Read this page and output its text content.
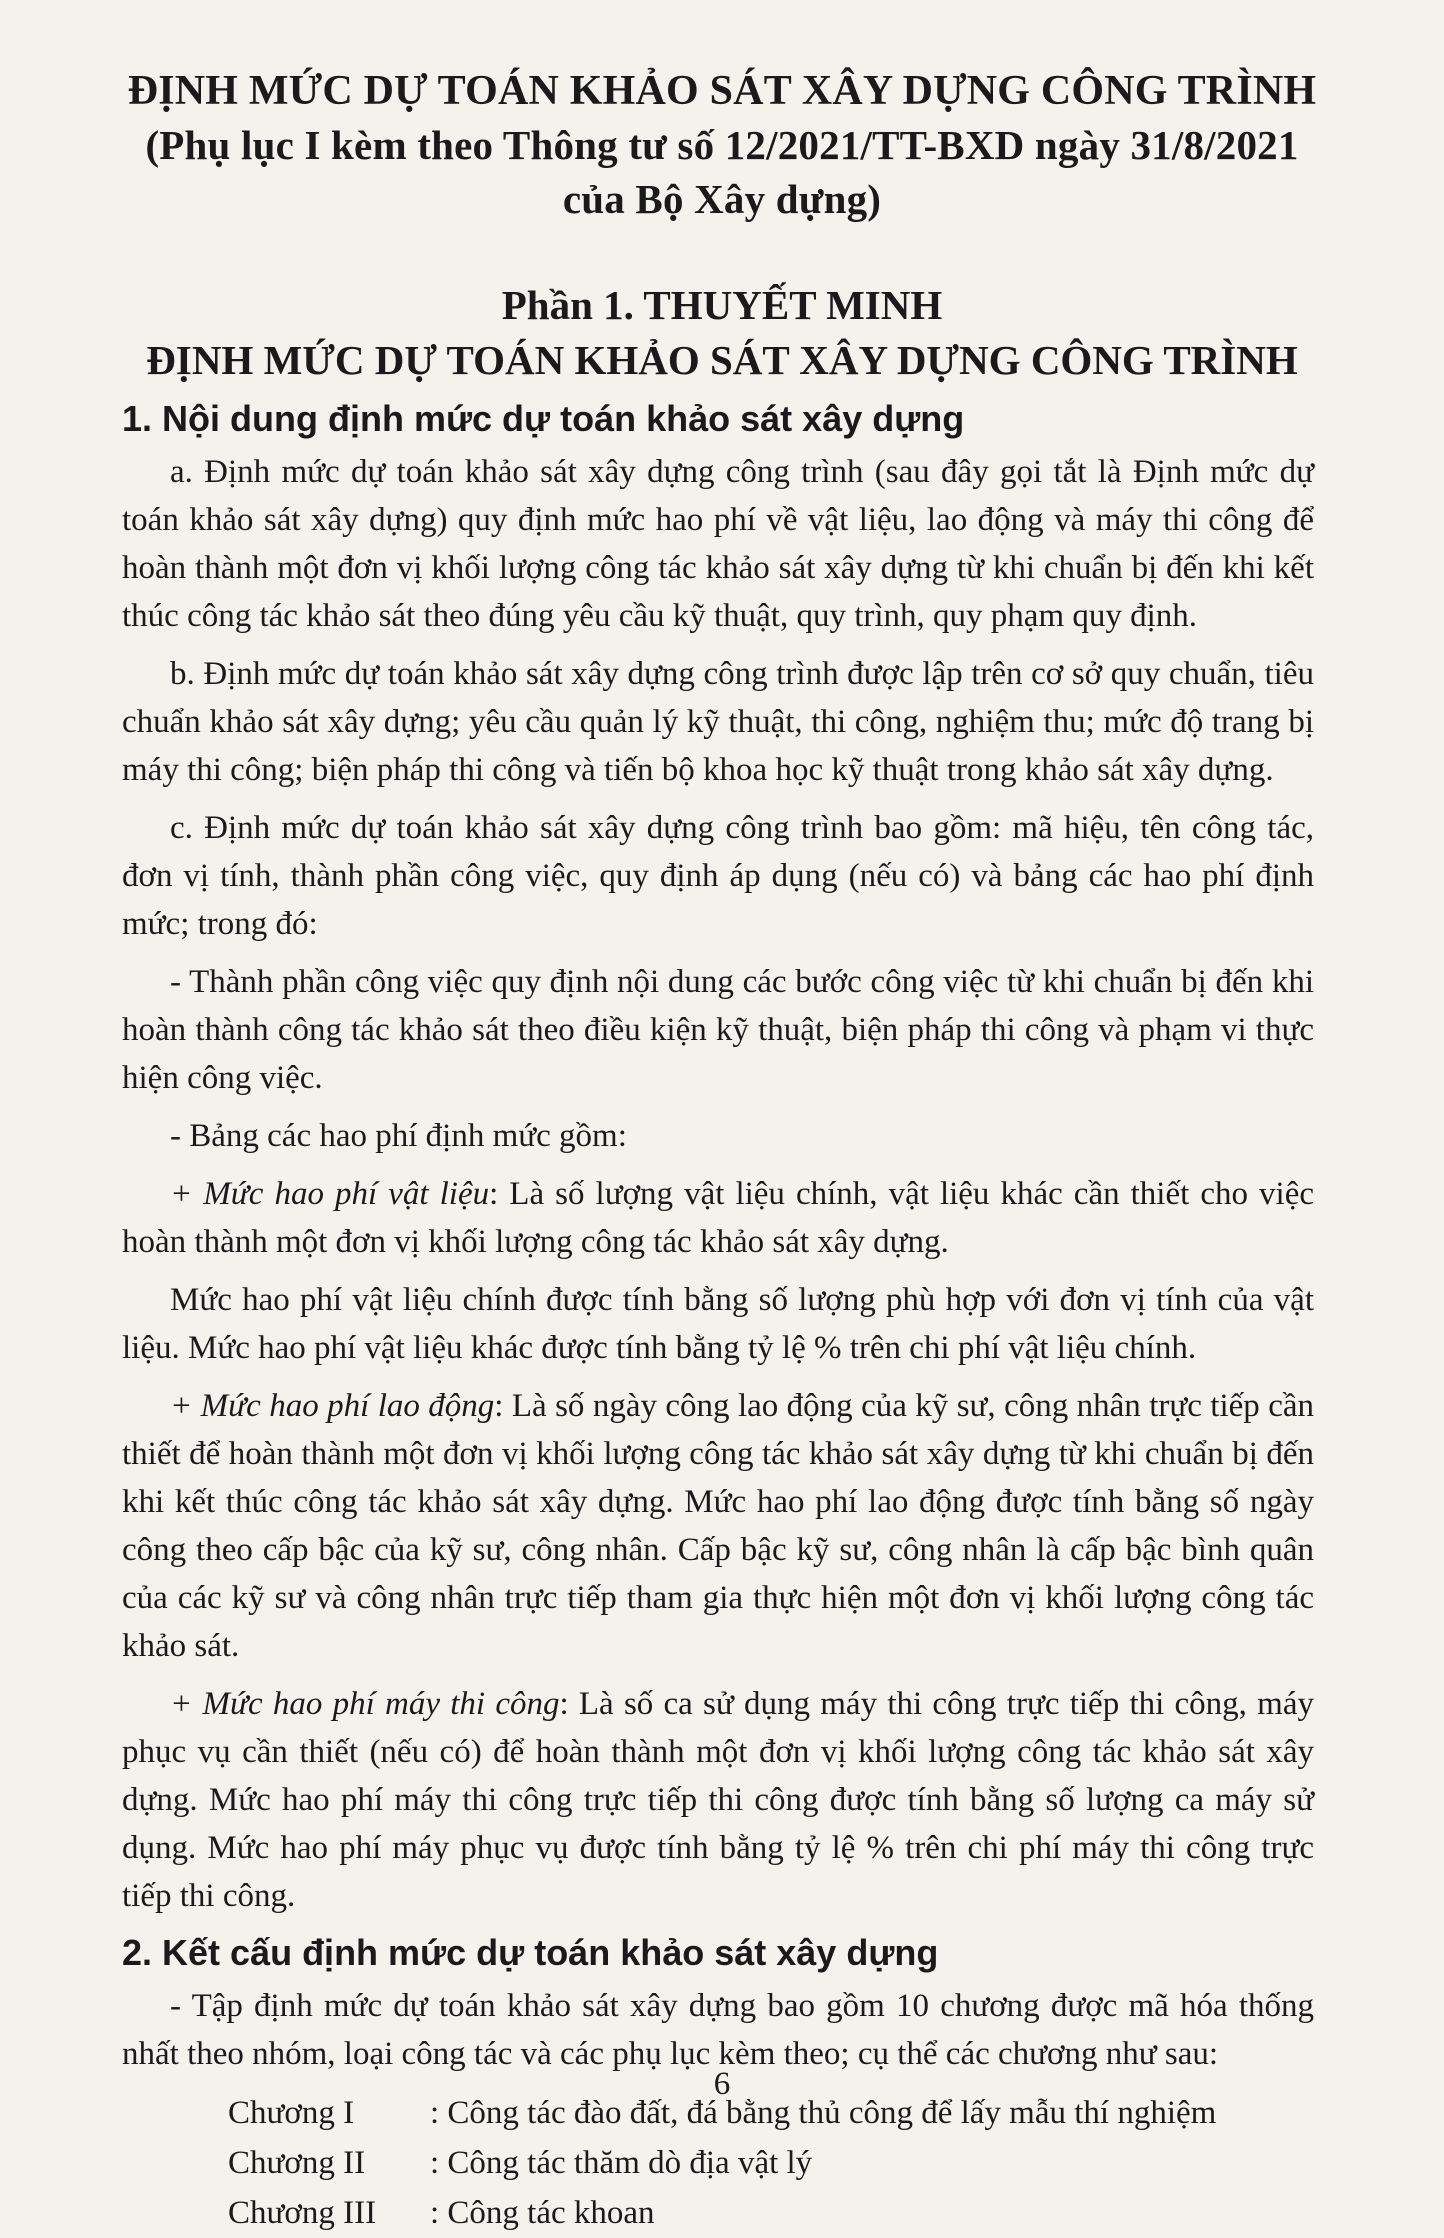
ĐỊNH MỨC DỰ TOÁN KHẢO SÁT XÂY DỰNG CÔNG TRÌNH
(Phụ lục I kèm theo Thông tư số 12/2021/TT-BXD ngày 31/8/2021
của Bộ Xây dựng)
Phần 1. THUYẾT MINH
ĐỊNH MỨC DỰ TOÁN KHẢO SÁT XÂY DỰNG CÔNG TRÌNH
1. Nội dung định mức dự toán khảo sát xây dựng

a. Định mức dự toán khảo sát xây dựng công trình (sau đây gọi tắt là Định mức dự toán khảo sát xây dựng) quy định mức hao phí về vật liệu, lao động và máy thi công để hoàn thành một đơn vị khối lượng công tác khảo sát xây dựng từ khi chuẩn bị đến khi kết thúc công tác khảo sát theo đúng yêu cầu kỹ thuật, quy trình, quy phạm quy định.

b. Định mức dự toán khảo sát xây dựng công trình được lập trên cơ sở quy chuẩn, tiêu chuẩn khảo sát xây dựng; yêu cầu quản lý kỹ thuật, thi công, nghiệm thu; mức độ trang bị máy thi công; biện pháp thi công và tiến bộ khoa học kỹ thuật trong khảo sát xây dựng.

c. Định mức dự toán khảo sát xây dựng công trình bao gồm: mã hiệu, tên công tác, đơn vị tính, thành phần công việc, quy định áp dụng (nếu có) và bảng các hao phí định mức; trong đó:

- Thành phần công việc quy định nội dung các bước công việc từ khi chuẩn bị đến khi hoàn thành công tác khảo sát theo điều kiện kỹ thuật, biện pháp thi công và phạm vi thực hiện công việc.

- Bảng các hao phí định mức gồm:

+ Mức hao phí vật liệu: Là số lượng vật liệu chính, vật liệu khác cần thiết cho việc hoàn thành một đơn vị khối lượng công tác khảo sát xây dựng.

Mức hao phí vật liệu chính được tính bằng số lượng phù hợp với đơn vị tính của vật liệu. Mức hao phí vật liệu khác được tính bằng tỷ lệ % trên chi phí vật liệu chính.

+ Mức hao phí lao động: Là số ngày công lao động của kỹ sư, công nhân trực tiếp cần thiết để hoàn thành một đơn vị khối lượng công tác khảo sát xây dựng từ khi chuẩn bị đến khi kết thúc công tác khảo sát xây dựng. Mức hao phí lao động được tính bằng số ngày công theo cấp bậc của kỹ sư, công nhân. Cấp bậc kỹ sư, công nhân là cấp bậc bình quân của các kỹ sư và công nhân trực tiếp tham gia thực hiện một đơn vị khối lượng công tác khảo sát.

+ Mức hao phí máy thi công: Là số ca sử dụng máy thi công trực tiếp thi công, máy phục vụ cần thiết (nếu có) để hoàn thành một đơn vị khối lượng công tác khảo sát xây dựng. Mức hao phí máy thi công trực tiếp thi công được tính bằng số lượng ca máy sử dụng. Mức hao phí máy phục vụ được tính bằng tỷ lệ % trên chi phí máy thi công trực tiếp thi công.

2. Kết cấu định mức dự toán khảo sát xây dựng

- Tập định mức dự toán khảo sát xây dựng bao gồm 10 chương được mã hóa thống nhất theo nhóm, loại công tác và các phụ lục kèm theo; cụ thể các chương như sau:

Chương I	: Công tác đào đất, đá bằng thủ công để lấy mẫu thí nghiệm
Chương II	: Công tác thăm dò địa vật lý
Chương III	: Công tác khoan
6
